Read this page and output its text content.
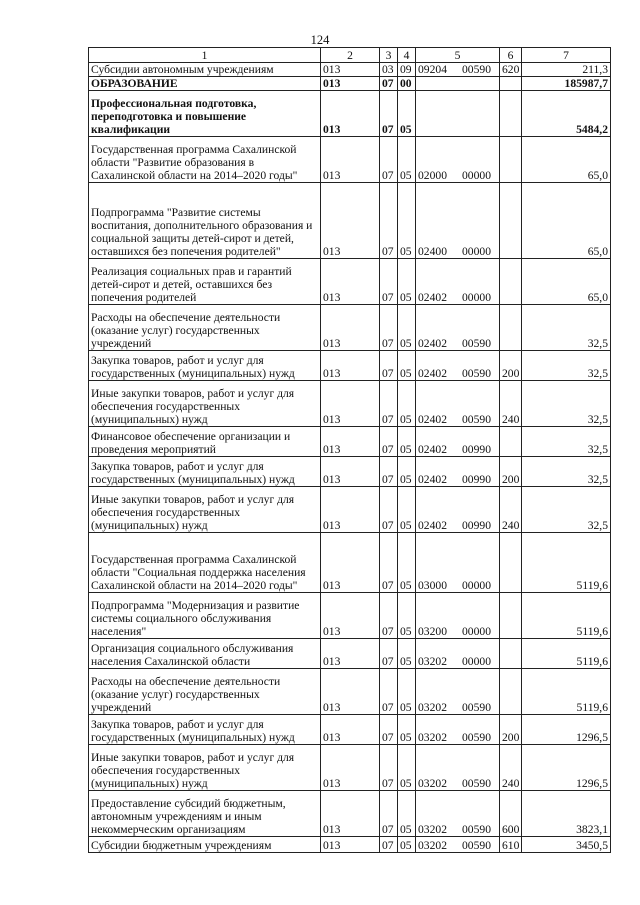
124
1	2	3	4	5	6	7
Субсидии автономным учреждениям	013	03	09	09204 00590	620	211,3
ОБРАЗОВАНИЕ	013	07	00			185987,7
Профессиональная подготовка, переподготовка и повышение квалификации	013	07	05			5484,2
Государственная программа Сахалинской области "Развитие образования в Сахалинской области на 2014–2020 годы"	013	07	05	02000 00000		65,0
Подпрограмма "Развитие системы воспитания, дополнительного образования и социальной защиты детей-сирот и детей, оставшихся без попечения родителей"	013	07	05	02400 00000		65,0
Реализация социальных прав и гарантий детей-сирот и детей, оставшихся без попечения родителей	013	07	05	02402 00000		65,0
Расходы на обеспечение деятельности (оказание услуг) государственных учреждений	013	07	05	02402 00590		32,5
Закупка товаров, работ и услуг для государственных (муниципальных) нужд	013	07	05	02402 00590	200	32,5
Иные закупки товаров, работ и услуг для обеспечения государственных (муниципальных) нужд	013	07	05	02402 00590	240	32,5
Финансовое обеспечение организации и проведения мероприятий	013	07	05	02402 00990		32,5
Закупка товаров, работ и услуг для государственных (муниципальных) нужд	013	07	05	02402 00990	200	32,5
Иные закупки товаров, работ и услуг для обеспечения государственных (муниципальных) нужд	013	07	05	02402 00990	240	32,5
Государственная программа Сахалинской области "Социальная поддержка населения Сахалинской области на 2014–2020 годы"	013	07	05	03000 00000		5119,6
Подпрограмма "Модернизация и развитие системы социального обслуживания населения"	013	07	05	03200 00000		5119,6
Организация социального обслуживания населения Сахалинской области	013	07	05	03202 00000		5119,6
Расходы на обеспечение деятельности (оказание услуг) государственных учреждений	013	07	05	03202 00590		5119,6
Закупка товаров, работ и услуг для государственных (муниципальных) нужд	013	07	05	03202 00590	200	1296,5
Иные закупки товаров, работ и услуг для обеспечения государственных (муниципальных) нужд	013	07	05	03202 00590	240	1296,5
Предоставление субсидий бюджетным, автономным учреждениям и иным некоммерческим организациям	013	07	05	03202 00590	600	3823,1
Субсидии бюджетным учреждениям	013	07	05	03202 00590	610	3450,5
